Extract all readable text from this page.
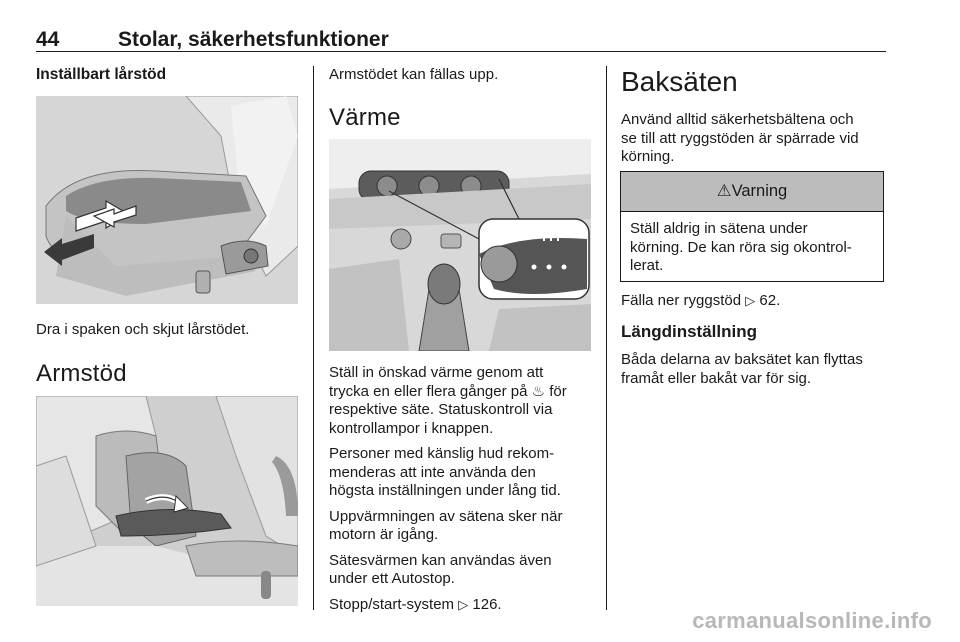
44	Stolar, säkerhetsfunktioner
Inställbart lårstöd
Dra i spaken och skjut lårstödet.
Armstöd
Armstödet kan fällas upp.
Värme

Ställ in önskad värme genom att
trycka en eller flera gånger på ♨ för
respektive säte. Statuskontroll via
kontrollampor i knappen.

Personer med känslig hud rekom-
menderas att inte använda den
högsta inställningen under lång tid.

Uppvärmningen av sätena sker när
motorn är igång.

Sätesvärmen kan användas även
under ett Autostop.

Stopp/start-system ▷ 126.

Baksäten
Använd alltid säkerhetsbältena och
se till att ryggstöden är spärrade vid
körning.
⚠Varning
Ställ aldrig in sätena under
körning. De kan röra sig okontrol-
lerat.
Fälla ner ryggstöd ▷ 62.
Längdinställning
Båda delarna av baksätet kan flyttas
framåt eller bakåt var för sig.
carmanualsonline.info
